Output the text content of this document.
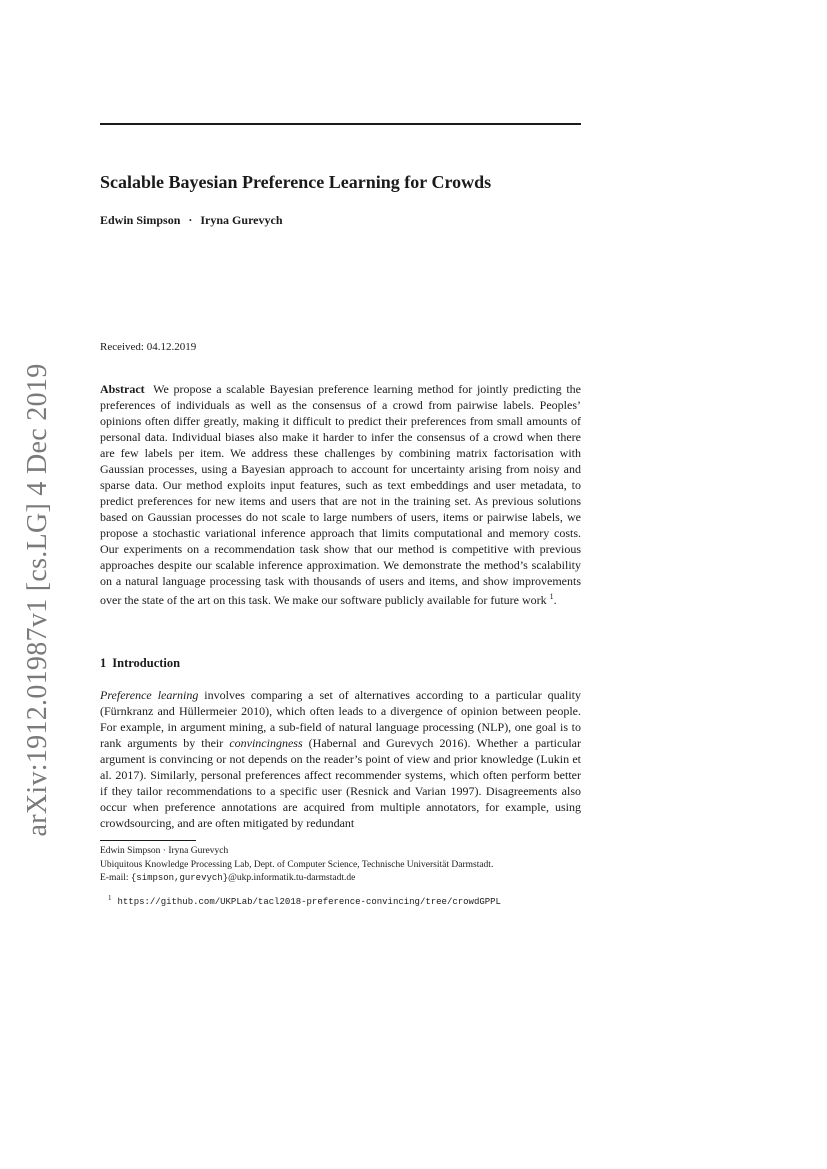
arXiv:1912.01987v1 [cs.LG] 4 Dec 2019
Scalable Bayesian Preference Learning for Crowds
Edwin Simpson · Iryna Gurevych
Received: 04.12.2019
Abstract We propose a scalable Bayesian preference learning method for jointly predicting the preferences of individuals as well as the consensus of a crowd from pairwise labels. Peoples’ opinions often differ greatly, making it difficult to predict their preferences from small amounts of personal data. Individual biases also make it harder to infer the consensus of a crowd when there are few labels per item. We address these challenges by combining matrix factorisation with Gaussian processes, using a Bayesian approach to account for uncertainty arising from noisy and sparse data. Our method exploits input features, such as text embeddings and user metadata, to predict preferences for new items and users that are not in the training set. As previous solutions based on Gaussian processes do not scale to large numbers of users, items or pairwise labels, we propose a stochastic variational inference approach that limits computational and memory costs. Our experiments on a recommendation task show that our method is competitive with previous approaches despite our scalable inference approximation. We demonstrate the method’s scalability on a natural language processing task with thousands of users and items, and show improvements over the state of the art on this task. We make our software publicly available for future work $^1$.
1 Introduction
Preference learning involves comparing a set of alternatives according to a particular quality (Fürnkranz and Hüllermeier 2010), which often leads to a divergence of opinion between people. For example, in argument mining, a sub-field of natural language processing (NLP), one goal is to rank arguments by their convincingness (Habernal and Gurevych 2016). Whether a particular argument is convincing or not depends on the reader’s point of view and prior knowledge (Lukin et al. 2017). Similarly, personal preferences affect recommender systems, which often perform better if they tailor recommendations to a specific user (Resnick and Varian 1997). Disagreements also occur when preference annotations are acquired from multiple annotators, for example, using crowdsourcing, and are often mitigated by redundant
Edwin Simpson · Iryna Gurevych
Ubiquitous Knowledge Processing Lab, Dept. of Computer Science, Technische Universität Darmstadt.
E-mail: {simpson,gurevych}@ukp.informatik.tu-darmstadt.de
$^1$ https://github.com/UKPLab/tacl2018-preference-convincing/tree/crowdGPPL
